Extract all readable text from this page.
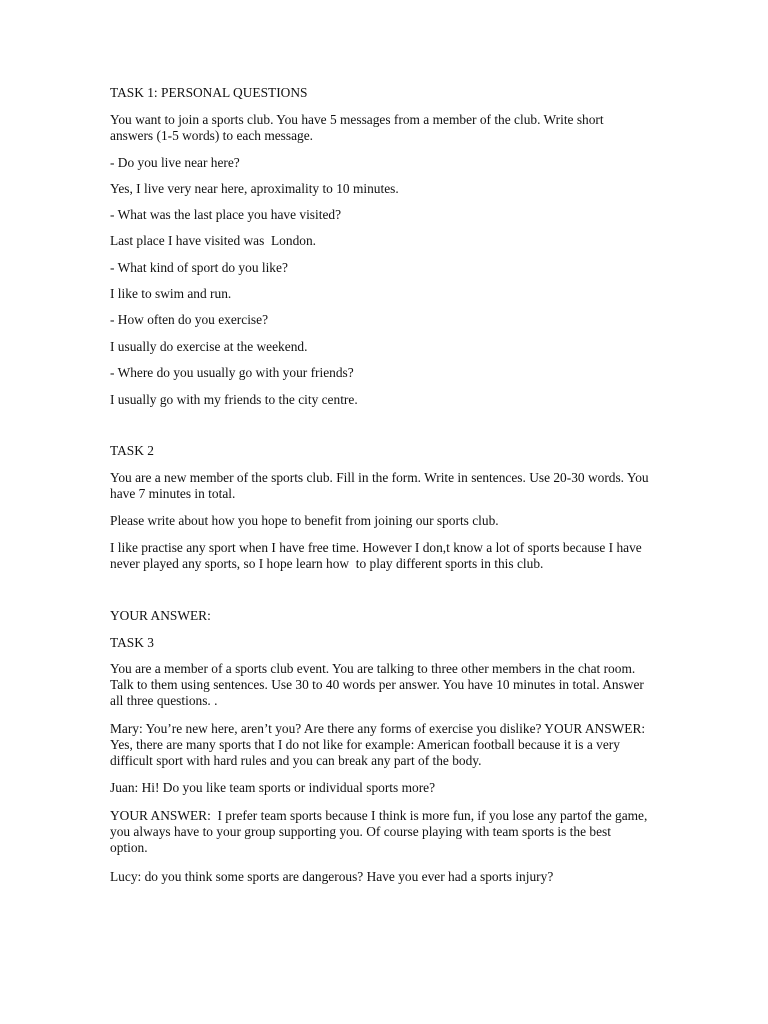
TASK 1: PERSONAL QUESTIONS

You want to join a sports club. You have 5 messages from a member of the club. Write short answers (1-5 words) to each message.

- Do you live near here?

Yes, I live very near here, aproximality to 10 minutes.

- What was the last place you have visited?

Last place I have visited was  London.

- What kind of sport do you like?

I like to swim and run.

- How often do you exercise?

I usually do exercise at the weekend.

- Where do you usually go with your friends?

I usually go with my friends to the city centre.

TASK 2

You are a new member of the sports club. Fill in the form. Write in sentences. Use 20-30 words. You have 7 minutes in total.

Please write about how you hope to benefit from joining our sports club.

I like practise any sport when I have free time. However I don,t know a lot of sports because I have never played any sports, so I hope learn how  to play different sports in this club.

YOUR ANSWER:

TASK 3

You are a member of a sports club event. You are talking to three other members in the chat room. Talk to them using sentences. Use 30 to 40 words per answer. You have 10 minutes in total. Answer all three questions. .

Mary: You’re new here, aren’t you? Are there any forms of exercise you dislike? YOUR ANSWER: Yes, there are many sports that I do not like for example: American football because it is a very difficult sport with hard rules and you can break any part of the body.

Juan: Hi! Do you like team sports or individual sports more?

YOUR ANSWER:  I prefer team sports because I think is more fun, if you lose any partof the game, you always have to your group supporting you. Of course playing with team sports is the best option.

Lucy: do you think some sports are dangerous? Have you ever had a sports injury?
